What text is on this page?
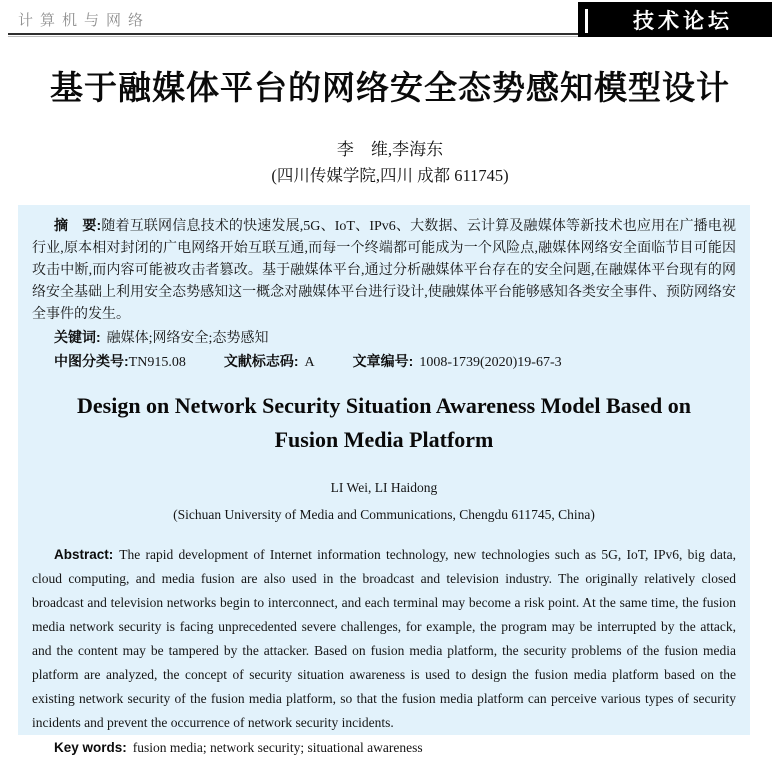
计算机与网络	技术论坛
基于融媒体平台的网络安全态势感知模型设计
李　维,李海东
(四川传媒学院,四川 成都 611745)

摘　要:随着互联网信息技术的快速发展,5G、IoT、IPv6、大数据、云计算及融媒体等新技术也应用在广播电视行业,原本相对封闭的广电网络开始互联互通,而每一个终端都可能成为一个风险点,融媒体网络安全面临节目可能因攻击中断,而内容可能被攻击者篡改。基于融媒体平台,通过分析融媒体平台存在的安全问题,在融媒体平台现有的网络安全基础上利用安全态势感知这一概念对融媒体平台进行设计,使融媒体平台能够感知各类安全事件、预防网络安全事件的发生。

关键词: 融媒体;网络安全;态势感知

中图分类号:TN915.08	文献标志码: A	文章编号: 1008-1739(2020)19-67-3

Design on Network Security Situation Awareness Model Based on
Fusion Media Platform
LI Wei, LI Haidong
(Sichuan University of Media and Communications, Chengdu 611745, China)

Abstract: The rapid development of Internet information technology, new technologies such as 5G, IoT, IPv6, big data, cloud computing, and media fusion are also used in the broadcast and television industry. The originally relatively closed broadcast and television networks begin to interconnect, and each terminal may become a risk point. At the same time, the fusion media network security is facing unprecedented severe challenges, for example, the program may be interrupted by the attack, and the content may be tampered by the attacker. Based on fusion media platform, the security problems of the fusion media platform are analyzed, the concept of security situation awareness is used to design the fusion media platform based on the existing network security of the fusion media platform, so that the fusion media platform can perceive various types of security incidents and prevent the occurrence of network security incidents.

Key words: fusion media; network security; situational awareness
